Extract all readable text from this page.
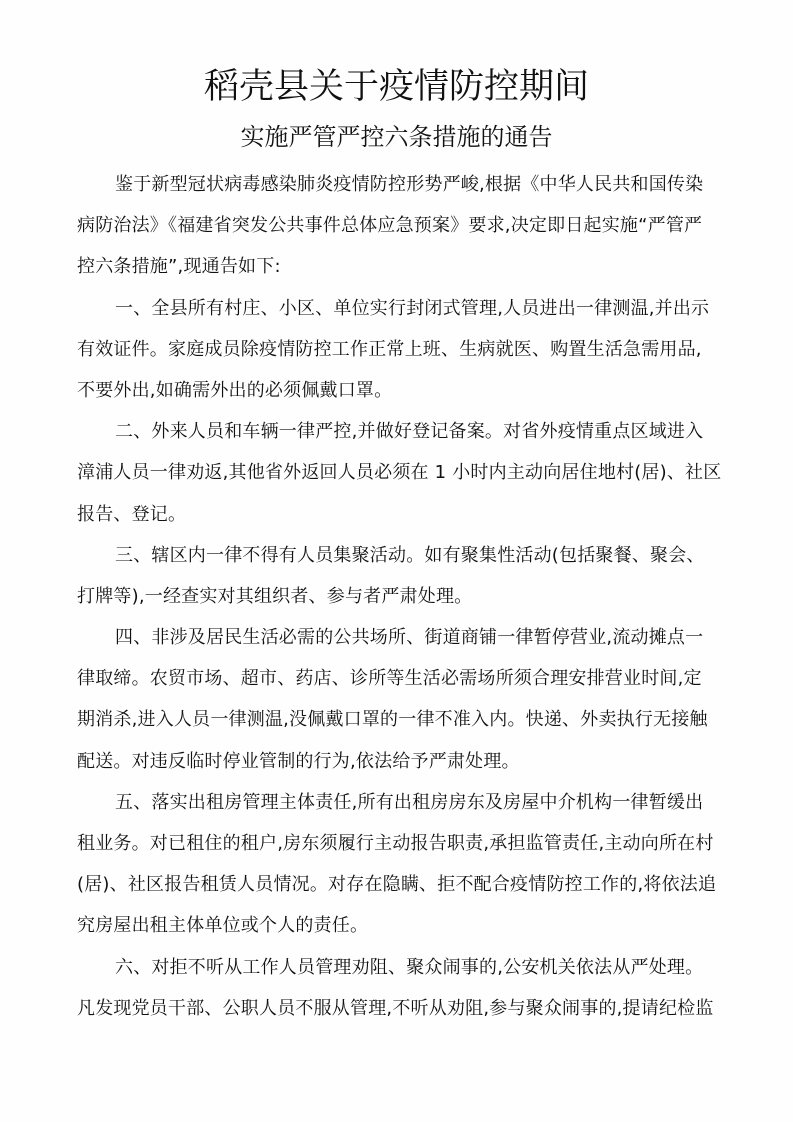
稻壳县关于疫情防控期间
实施严管严控六条措施的通告
鉴于新型冠状病毒感染肺炎疫情防控形势严峻,根据《中华人民共和国传染
病防治法》《福建省突发公共事件总体应急预案》要求,决定即日起实施“严管严
控六条措施”,现通告如下:
一、全县所有村庄、小区、单位实行封闭式管理,人员进出一律测温,并出示
有效证件。家庭成员除疫情防控工作正常上班、生病就医、购置生活急需用品,
不要外出,如确需外出的必须佩戴口罩。
二、外来人员和车辆一律严控,并做好登记备案。对省外疫情重点区域进入
漳浦人员一律劝返,其他省外返回人员必须在 1 小时内主动向居住地村(居)、社区
报告、登记。
三、辖区内一律不得有人员集聚活动。如有聚集性活动(包括聚餐、聚会、
打牌等),一经查实对其组织者、参与者严肃处理。
四、非涉及居民生活必需的公共场所、街道商铺一律暂停营业,流动摊点一
律取缔。农贸市场、超市、药店、诊所等生活必需场所须合理安排营业时间,定
期消杀,进入人员一律测温,没佩戴口罩的一律不准入内。快递、外卖执行无接触
配送。对违反临时停业管制的行为,依法给予严肃处理。
五、落实出租房管理主体责任,所有出租房房东及房屋中介机构一律暂缓出
租业务。对已租住的租户,房东须履行主动报告职责,承担监管责任,主动向所在村
(居)、社区报告租赁人员情况。对存在隐瞒、拒不配合疫情防控工作的,将依法追
究房屋出租主体单位或个人的责任。
六、对拒不听从工作人员管理劝阻、聚众闹事的,公安机关依法从严处理。
凡发现党员干部、公职人员不服从管理,不听从劝阻,参与聚众闹事的,提请纪检监
